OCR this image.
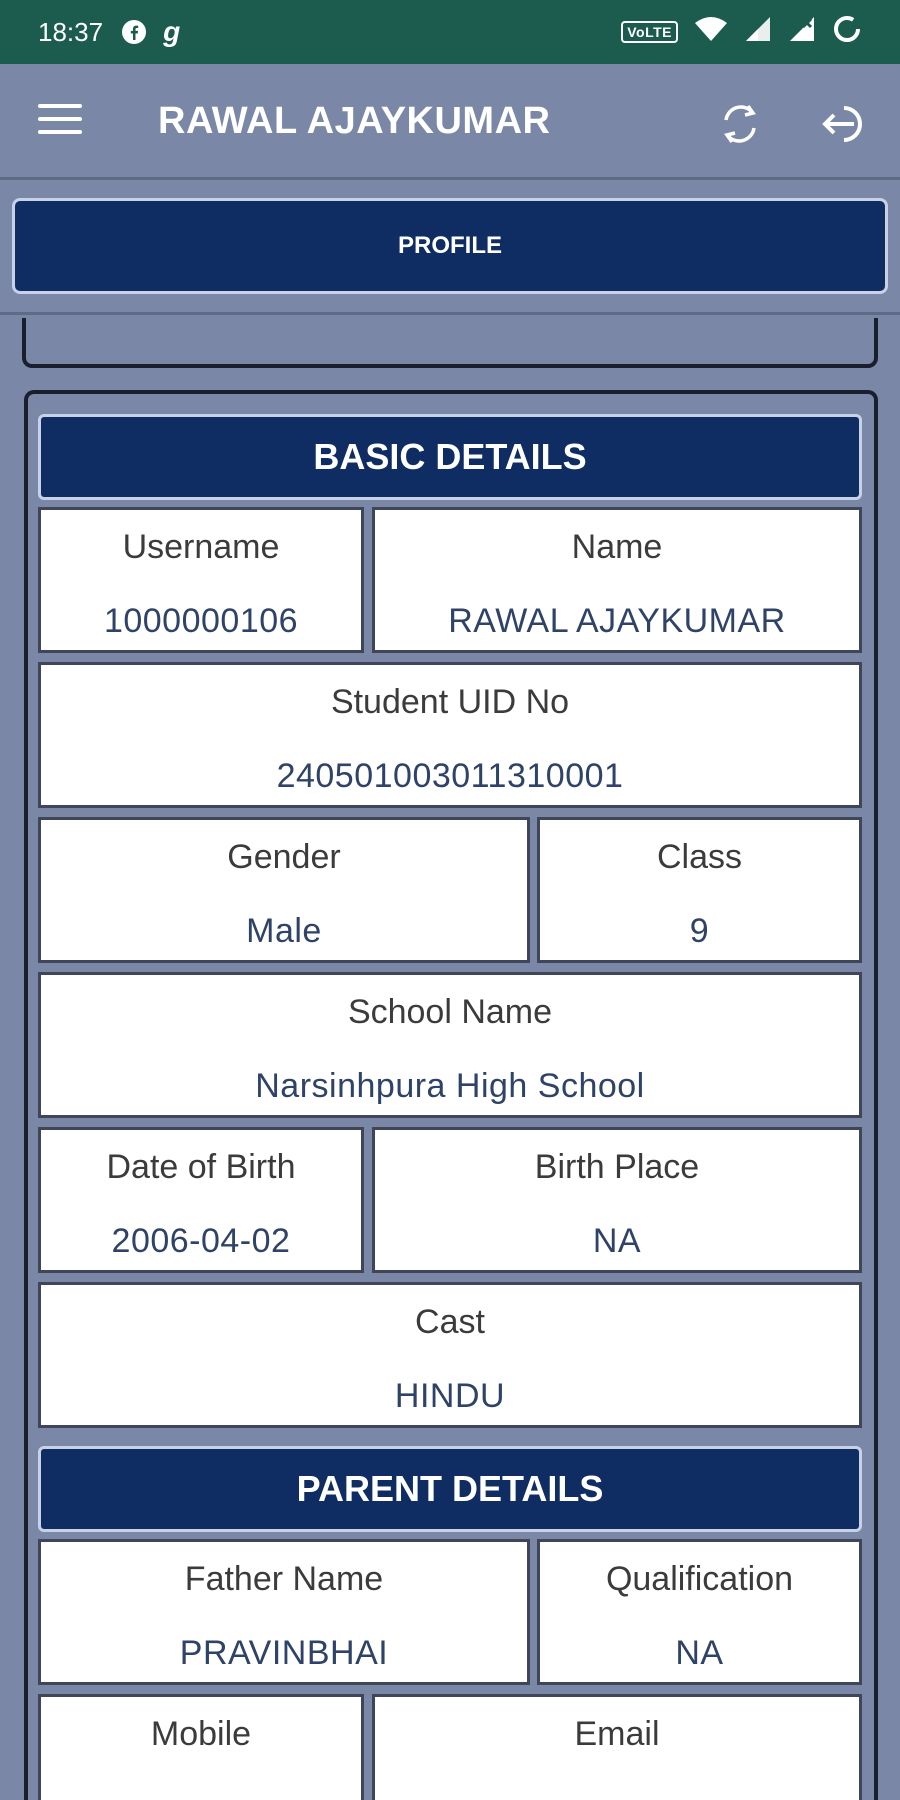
18:37 g	VoLTE
RAWAL AJAYKUMAR
PROFILE
BASIC DETAILS
Username
1000000106
Name
RAWAL AJAYKUMAR
Student UID No
240501003011310001
Gender
Male
Class
9
School Name
Narsinhpura High School
Date of Birth
2006-04-02
Birth Place
NA
Cast
HINDU
PARENT DETAILS
Father Name
PRAVINBHAI
Qualification
NA
Mobile	Email
